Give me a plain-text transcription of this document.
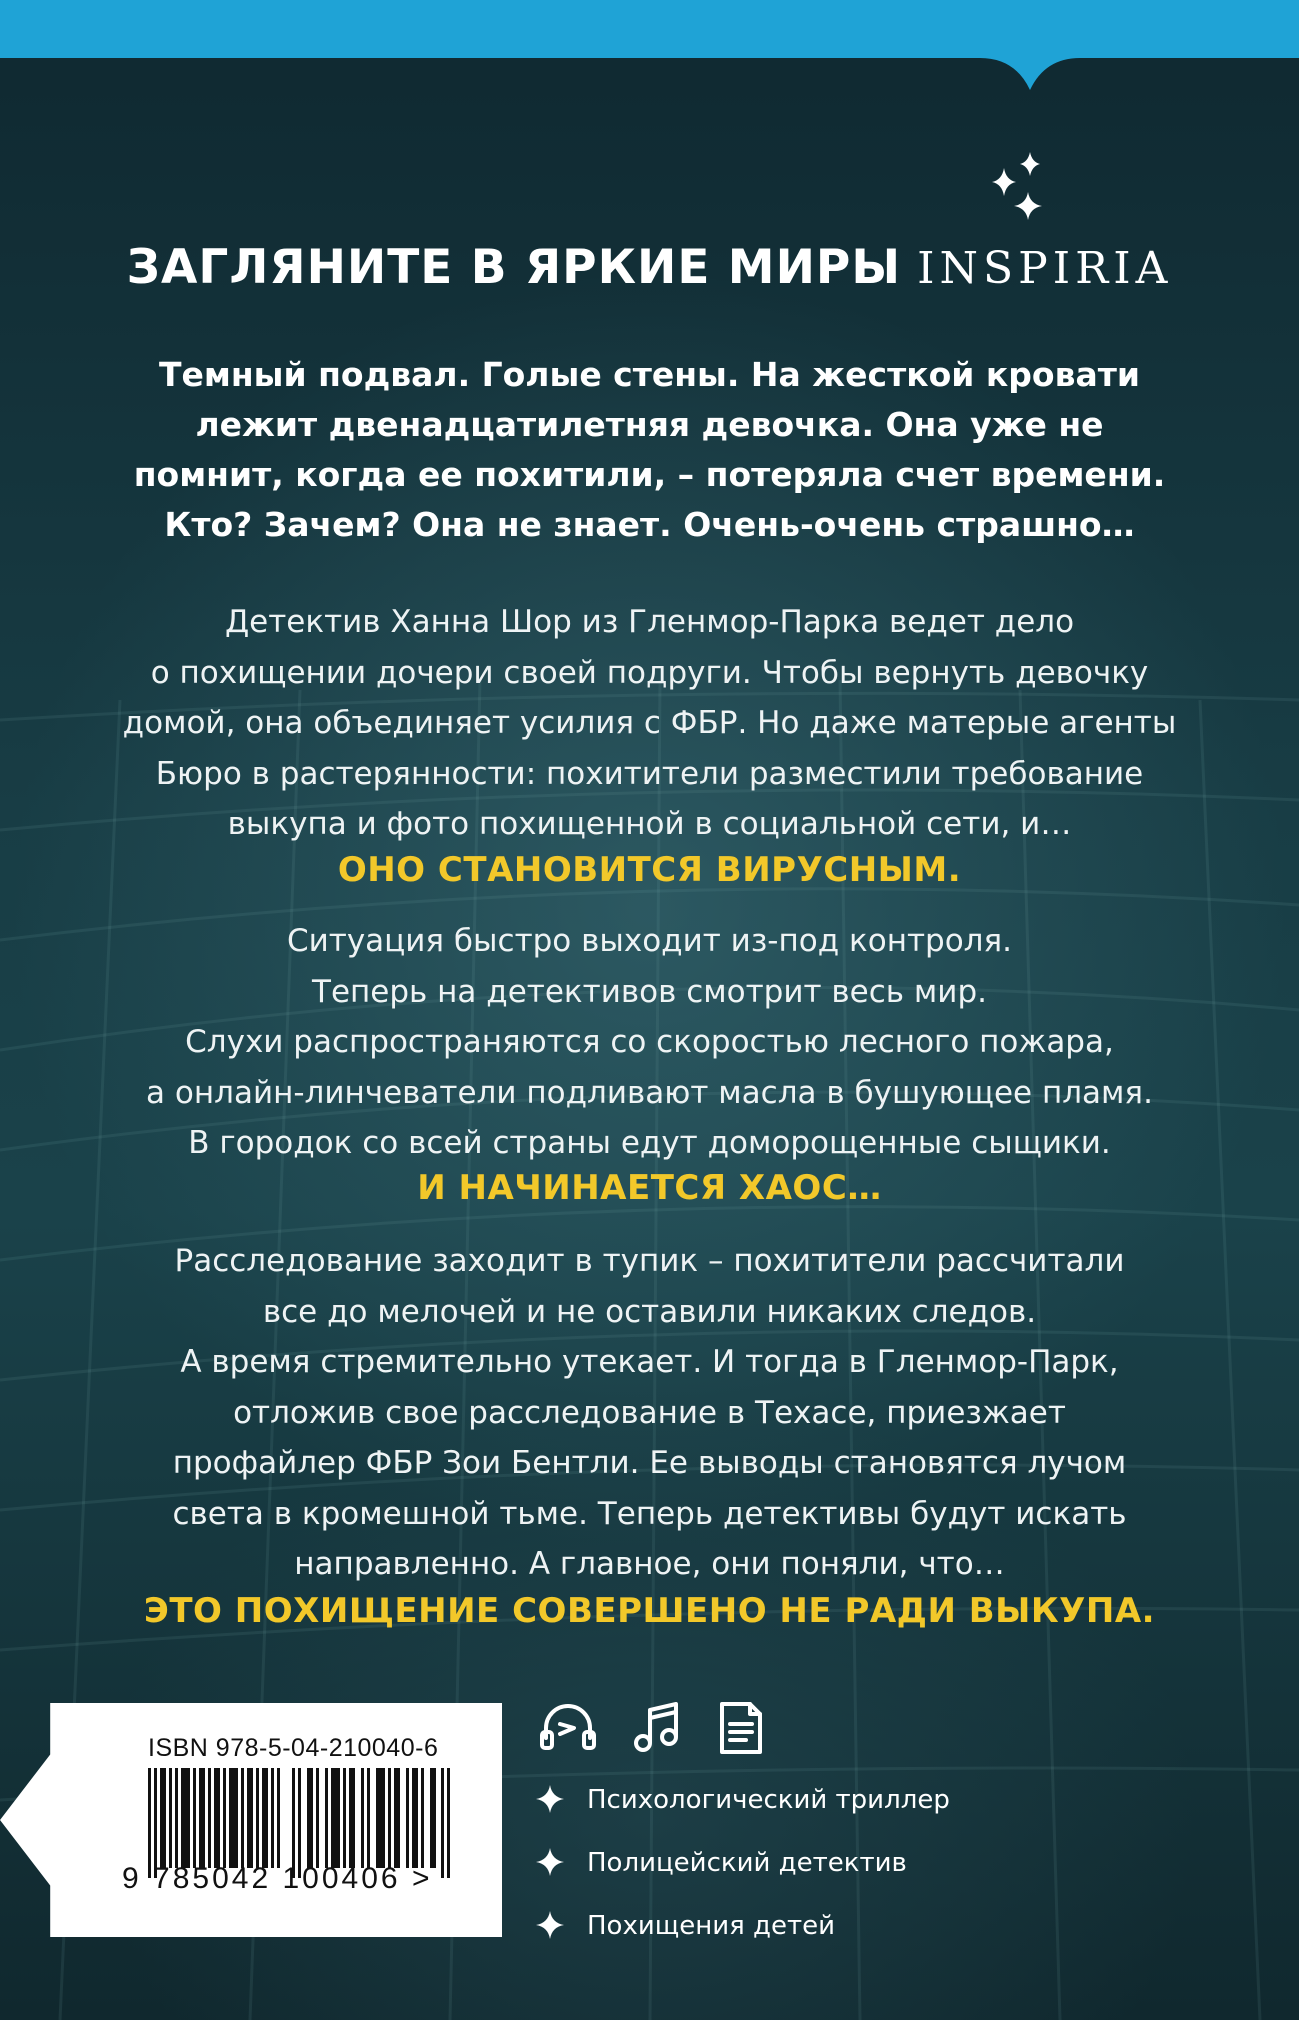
ЗАГЛЯНИТЕ В ЯРКИЕ МИРЫ INSPIRIA

Темный подвал. Голые стены. На жесткой кровати
лежит двенадцатилетняя девочка. Она уже не
помнит, когда ее похитили, – потеряла счет времени.
Кто? Зачем? Она не знает. Очень-очень страшно…

Детектив Ханна Шор из Гленмор-Парка ведет дело
о похищении дочери своей подруги. Чтобы вернуть девочку
домой, она объединяет усилия с ФБР. Но даже матерые агенты
Бюро в растерянности: похитители разместили требование
выкупа и фото похищенной в социальной сети, и…

ОНО СТАНОВИТСЯ ВИРУСНЫМ.

Ситуация быстро выходит из-под контроля.
Теперь на детективов смотрит весь мир.
Слухи распространяются со скоростью лесного пожара,
а онлайн-линчеватели подливают масла в бушующее пламя.
В городок со всей страны едут доморощенные сыщики.

И НАЧИНАЕТСЯ ХАОС…

Расследование заходит в тупик – похитители рассчитали
все до мелочей и не оставили никаких следов.
А время стремительно утекает. И тогда в Гленмор-Парк,
отложив свое расследование в Техасе, приезжает
профайлер ФБР Зои Бентли. Ее выводы становятся лучом
света в кромешной тьме. Теперь детективы будут искать
направленно. А главное, они поняли, что…

ЭТО ПОХИЩЕНИЕ СОВЕРШЕНО НЕ РАДИ ВЫКУПА.

ISBN 978-5-04-210040-6
9 785042 100406 >
Психологический триллер
Полицейский детектив
Похищения детей
